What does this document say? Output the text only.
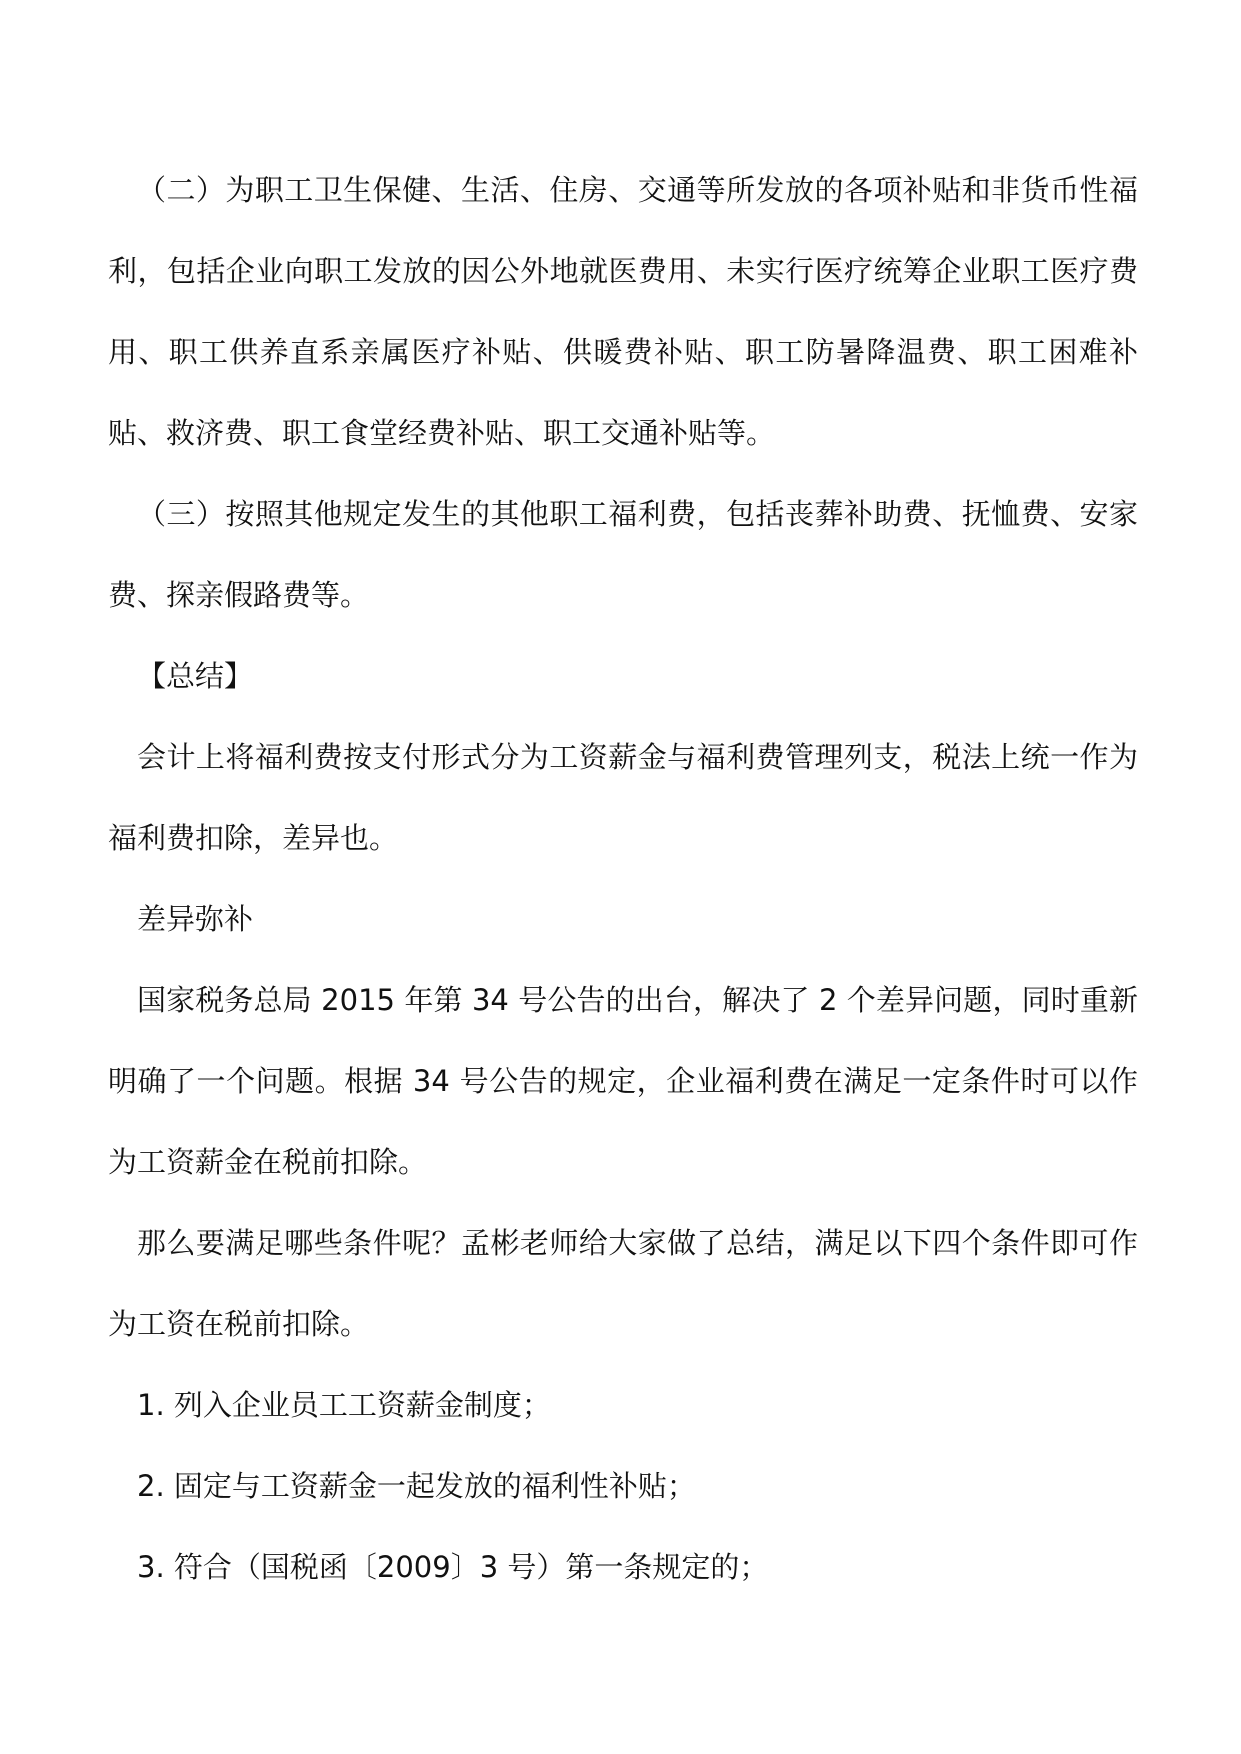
（二）为职工卫生保健、生活、住房、交通等所发放的各项补贴和非货币性福利，包括企业向职工发放的因公外地就医费用、未实行医疗统筹企业职工医疗费用、职工供养直系亲属医疗补贴、供暖费补贴、职工防暑降温费、职工困难补贴、救济费、职工食堂经费补贴、职工交通补贴等。

（三）按照其他规定发生的其他职工福利费，包括丧葬补助费、抚恤费、安家费、探亲假路费等。

【总结】

会计上将福利费按支付形式分为工资薪金与福利费管理列支，税法上统一作为福利费扣除，差异也。

差异弥补

国家税务总局 2015 年第 34 号公告的出台，解决了 2 个差异问题，同时重新明确了一个问题。根据 34 号公告的规定，企业福利费在满足一定条件时可以作为工资薪金在税前扣除。

那么要满足哪些条件呢？孟彬老师给大家做了总结，满足以下四个条件即可作为工资在税前扣除。

1. 列入企业员工工资薪金制度；

2. 固定与工资薪金一起发放的福利性补贴；

3. 符合（国税函〔2009〕3 号）第一条规定的；
